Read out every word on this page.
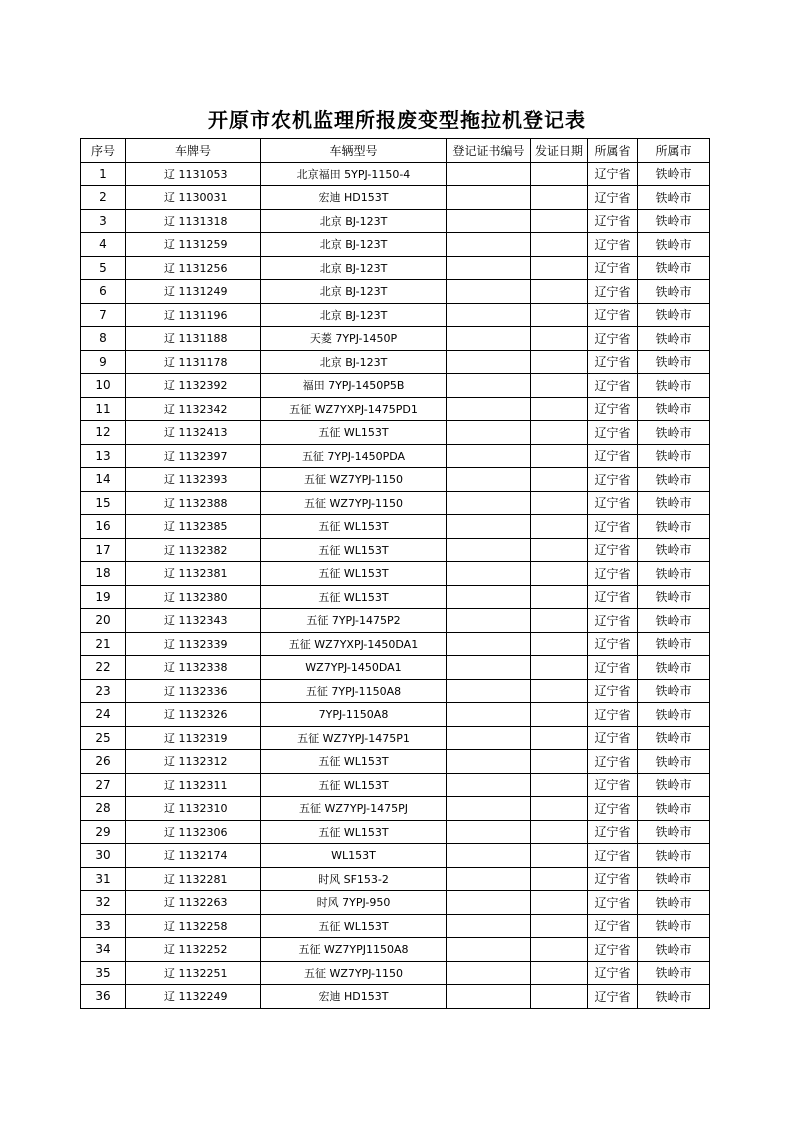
开原市农机监理所报废变型拖拉机登记表
序号	车牌号	车辆型号	登记证书编号	发证日期	所属省	所属市
1	辽 1131053	北京福田 5YPJ-1150-4			辽宁省	铁岭市
2	辽 1130031	宏迪 HD153T			辽宁省	铁岭市
3	辽 1131318	北京 BJ-123T			辽宁省	铁岭市
4	辽 1131259	北京 BJ-123T			辽宁省	铁岭市
5	辽 1131256	北京 BJ-123T			辽宁省	铁岭市
6	辽 1131249	北京 BJ-123T			辽宁省	铁岭市
7	辽 1131196	北京 BJ-123T			辽宁省	铁岭市
8	辽 1131188	天菱 7YPJ-1450P			辽宁省	铁岭市
9	辽 1131178	北京 BJ-123T			辽宁省	铁岭市
10	辽 1132392	福田 7YPJ-1450P5B			辽宁省	铁岭市
11	辽 1132342	五征 WZ7YXPJ-1475PD1			辽宁省	铁岭市
12	辽 1132413	五征 WL153T			辽宁省	铁岭市
13	辽 1132397	五征 7YPJ-1450PDA			辽宁省	铁岭市
14	辽 1132393	五征 WZ7YPJ-1150			辽宁省	铁岭市
15	辽 1132388	五征 WZ7YPJ-1150			辽宁省	铁岭市
16	辽 1132385	五征 WL153T			辽宁省	铁岭市
17	辽 1132382	五征 WL153T			辽宁省	铁岭市
18	辽 1132381	五征 WL153T			辽宁省	铁岭市
19	辽 1132380	五征 WL153T			辽宁省	铁岭市
20	辽 1132343	五征 7YPJ-1475P2			辽宁省	铁岭市
21	辽 1132339	五征 WZ7YXPJ-1450DA1			辽宁省	铁岭市
22	辽 1132338	WZ7YPJ-1450DA1			辽宁省	铁岭市
23	辽 1132336	五征 7YPJ-1150A8			辽宁省	铁岭市
24	辽 1132326	7YPJ-1150A8			辽宁省	铁岭市
25	辽 1132319	五征 WZ7YPJ-1475P1			辽宁省	铁岭市
26	辽 1132312	五征 WL153T			辽宁省	铁岭市
27	辽 1132311	五征 WL153T			辽宁省	铁岭市
28	辽 1132310	五征 WZ7YPJ-1475PJ			辽宁省	铁岭市
29	辽 1132306	五征 WL153T			辽宁省	铁岭市
30	辽 1132174	WL153T			辽宁省	铁岭市
31	辽 1132281	时风 SF153-2			辽宁省	铁岭市
32	辽 1132263	时风 7YPJ-950			辽宁省	铁岭市
33	辽 1132258	五征 WL153T			辽宁省	铁岭市
34	辽 1132252	五征 WZ7YPJ1150A8			辽宁省	铁岭市
35	辽 1132251	五征 WZ7YPJ-1150			辽宁省	铁岭市
36	辽 1132249	宏迪 HD153T			辽宁省	铁岭市
